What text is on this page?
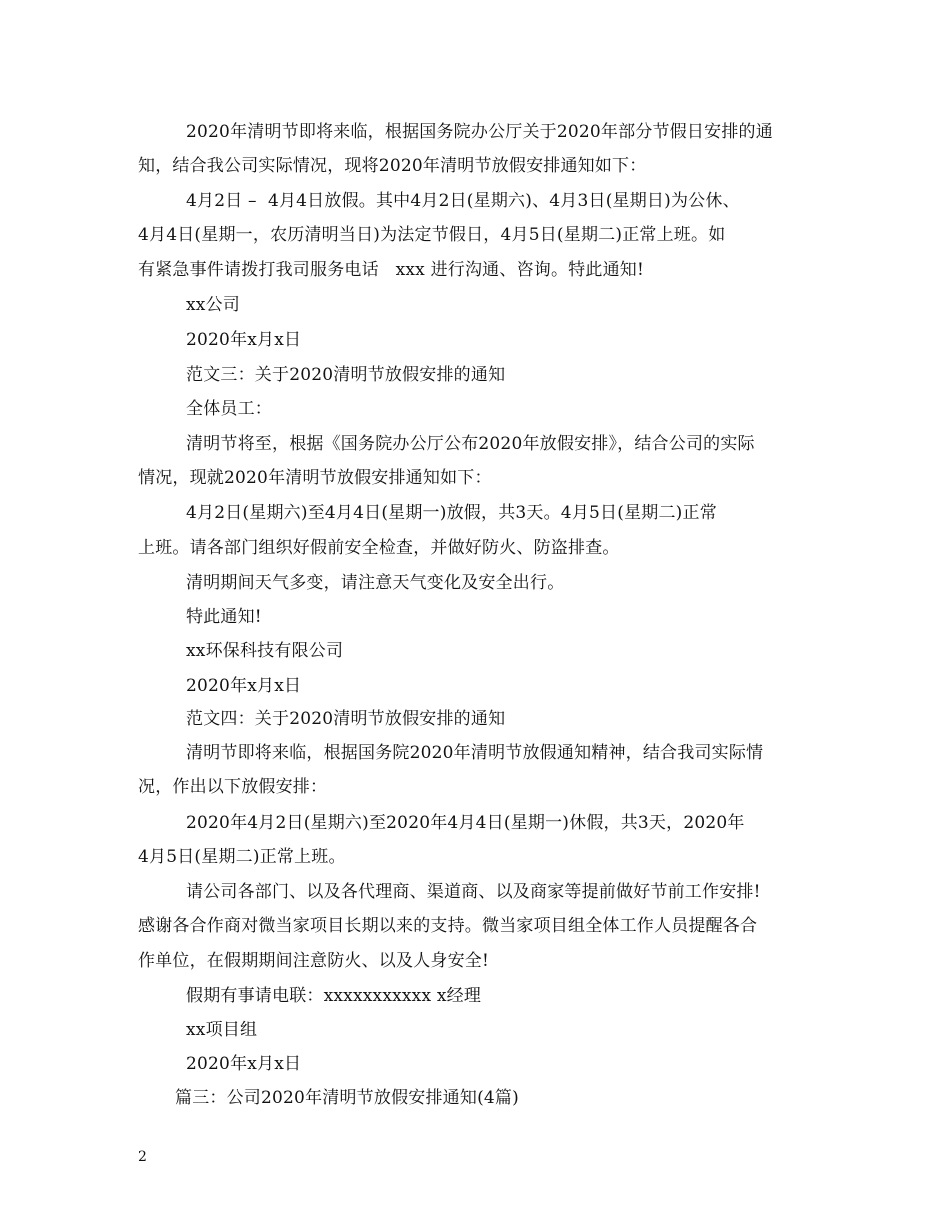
2020年清明节即将来临，根据国务院办公厅关于2020年部分节假日安排的通
知，结合我公司实际情况，现将2020年清明节放假安排通知如下：
4月2日 –  4月4日放假。其中4月2日(星期六)、4月3日(星期日)为公休、
4月4日(星期一，农历清明当日)为法定节假日，4月5日(星期二)正常上班。如
有紧急事件请拨打我司服务电话   xxx 进行沟通、咨询。特此通知!
xx公司
2020年x月x日
范文三：关于2020清明节放假安排的通知
全体员工：
清明节将至，根据《国务院办公厅公布2020年放假安排》，结合公司的实际
情况，现就2020年清明节放假安排通知如下：
4月2日(星期六)至4月4日(星期一)放假，共3天。4月5日(星期二)正常
上班。请各部门组织好假前安全检查，并做好防火、防盗排查。
清明期间天气多变，请注意天气变化及安全出行。
特此通知!
xx环保科技有限公司
2020年x月x日
范文四：关于2020清明节放假安排的通知
清明节即将来临，根据国务院2020年清明节放假通知精神，结合我司实际情
况，作出以下放假安排：
2020年4月2日(星期六)至2020年4月4日(星期一)休假，共3天，2020年
4月5日(星期二)正常上班。
请公司各部门、以及各代理商、渠道商、以及商家等提前做好节前工作安排!
感谢各合作商对微当家项目长期以来的支持。微当家项目组全体工作人员提醒各合
作单位，在假期期间注意防火、以及人身安全!
假期有事请电联：xxxxxxxxxxx x经理
xx项目组
2020年x月x日
篇三：公司2020年清明节放假安排通知(4篇)
2
